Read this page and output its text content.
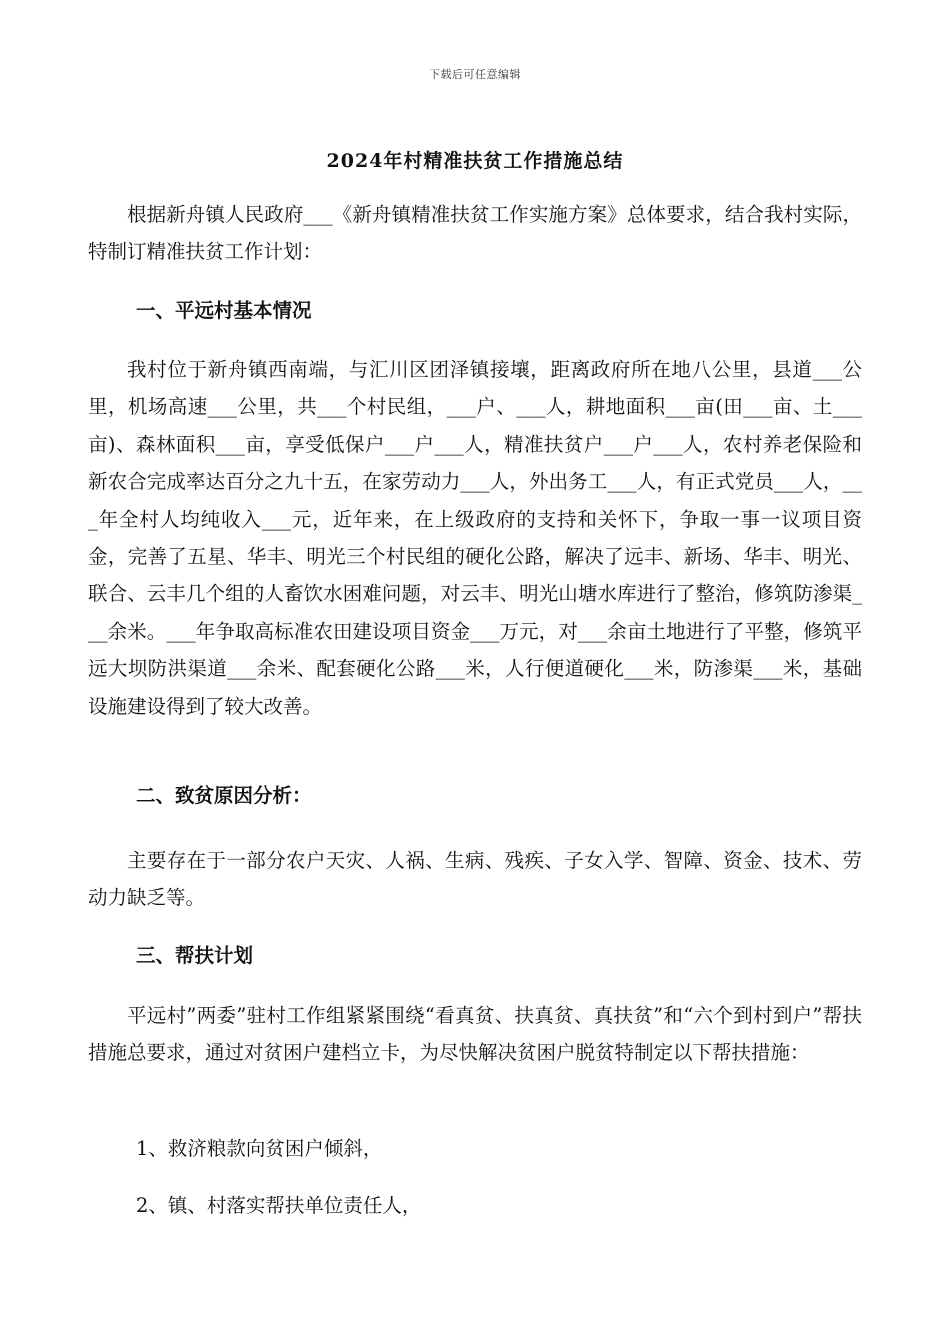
下载后可任意编辑
2024年村精准扶贫工作措施总结

根据新舟镇人民政府___《新舟镇精准扶贫工作实施方案》总体要求，结合我村实际，特制订精准扶贫工作计划：

一、平远村基本情况

我村位于新舟镇西南端，与汇川区团泽镇接壤，距离政府所在地八公里，县道___公里，机场高速___公里，共___个村民组，___户、___人，耕地面积___亩(田___亩、土___亩)、森林面积___亩，享受低保户___户___人，精准扶贫户___户___人，农村养老保险和新农合完成率达百分之九十五，在家劳动力___人，外出务工___人，有正式党员___人，___年全村人均纯收入___元，近年来，在上级政府的支持和关怀下，争取一事一议项目资金，完善了五星、华丰、明光三个村民组的硬化公路，解决了远丰、新场、华丰、明光、联合、云丰几个组的人畜饮水困难问题，对云丰、明光山塘水库进行了整治，修筑防渗渠___余米。___年争取高标准农田建设项目资金___万元，对___余亩土地进行了平整，修筑平远大坝防洪渠道___余米、配套硬化公路___米，人行便道硬化___米，防渗渠___米，基础设施建设得到了较大改善。

二、致贫原因分析：

主要存在于一部分农户天灾、人祸、生病、残疾、子女入学、智障、资金、技术、劳动力缺乏等。

三、帮扶计划

平远村”两委”驻村工作组紧紧围绕“看真贫、扶真贫、真扶贫”和“六个到村到户”帮扶措施总要求，通过对贫困户建档立卡，为尽快解决贫困户脱贫特制定以下帮扶措施：

1、救济粮款向贫困户倾斜，

2、镇、村落实帮扶单位责任人，
